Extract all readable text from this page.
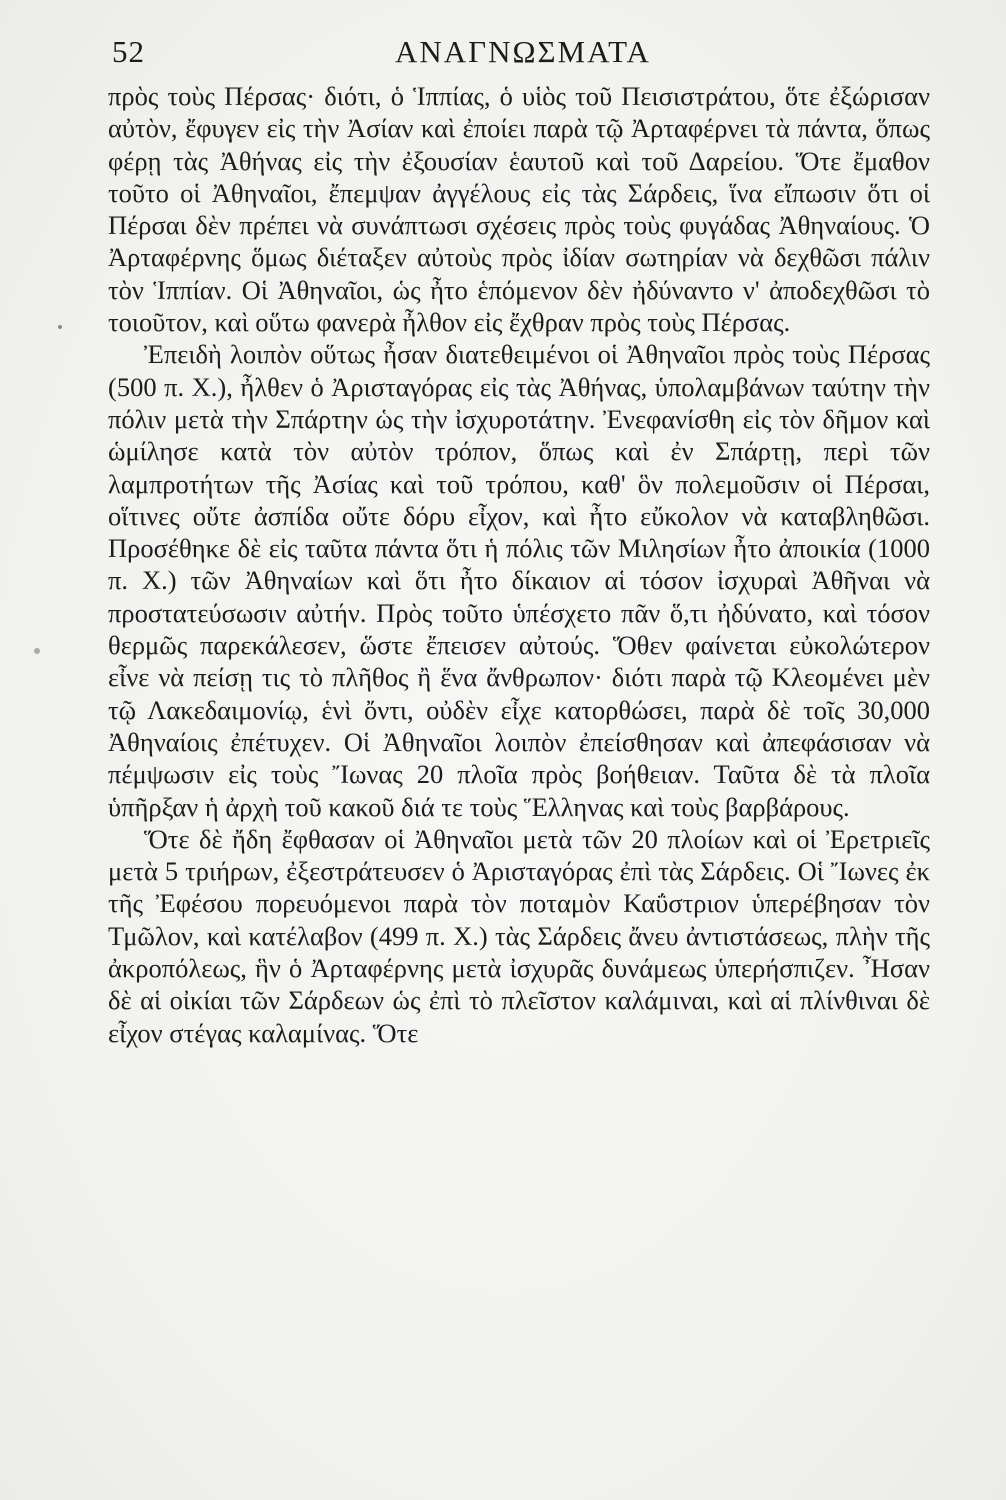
52	ΑΝΑΓΝΩΣΜΑΤΑ

πρὸς τοὺς Πέρσας· διότι, ὁ Ἱππίας, ὁ υἱὸς τοῦ Πεισιστράτου, ὅτε ἐξώρισαν αὐτὸν, ἔφυγεν εἰς τὴν Ἀσίαν καὶ ἐποίει παρὰ τῷ Ἀρταφέρνει τὰ πάντα, ὅπως φέρῃ τὰς Ἀθήνας εἰς τὴν ἐξουσίαν ἑαυτοῦ καὶ τοῦ Δαρείου. Ὅτε ἔμαθον τοῦτο οἱ Ἀθηναῖοι, ἔπεμψαν ἀγγέλους εἰς τὰς Σάρδεις, ἵνα εἴπωσιν ὅτι οἱ Πέρσαι δὲν πρέπει νὰ συνάπτωσι σχέσεις πρὸς τοὺς φυγάδας Ἀθηναίους. Ὁ Ἀρταφέρνης ὅμως διέταξεν αὐτοὺς πρὸς ἰδίαν σωτηρίαν νὰ δεχθῶσι πάλιν τὸν Ἱππίαν. Οἱ Ἀθηναῖοι, ὡς ἦτο ἑπόμενον δὲν ἠδύναντο ν' ἀποδεχθῶσι τὸ τοιοῦτον, καὶ οὕτω φανερὰ ἦλθον εἰς ἔχθραν πρὸς τοὺς Πέρσας.

Ἐπειδὴ λοιπὸν οὕτως ἦσαν διατεθειμένοι οἱ Ἀθηναῖοι πρὸς τοὺς Πέρσας (500 π. Χ.), ἦλθεν ὁ Ἀρισταγόρας εἰς τὰς Ἀθήνας, ὑπολαμβάνων ταύτην τὴν πόλιν μετὰ τὴν Σπάρτην ὡς τὴν ἰσχυροτάτην. Ἐνεφανίσθη εἰς τὸν δῆμον καὶ ὡμίλησε κατὰ τὸν αὐτὸν τρόπον, ὅπως καὶ ἐν Σπάρτῃ, περὶ τῶν λαμπροτήτων τῆς Ἀσίας καὶ τοῦ τρόπου, καθ' ὃν πολεμοῦσιν οἱ Πέρσαι, οἵτινες οὔτε ἀσπίδα οὔτε δόρυ εἶχον, καὶ ἦτο εὔκολον νὰ καταβληθῶσι. Προσέθηκε δὲ εἰς ταῦτα πάντα ὅτι ἡ πόλις τῶν Μιλησίων ἦτο ἀποικία (1000 π. Χ.) τῶν Ἀθηναίων καὶ ὅτι ἦτο δίκαιον αἱ τόσον ἰσχυραὶ Ἀθῆναι νὰ προστατεύσωσιν αὐτήν. Πρὸς τοῦτο ὑπέσχετο πᾶν ὅ,τι ἠδύνατο, καὶ τόσον θερμῶς παρεκάλεσεν, ὥστε ἔπεισεν αὐτούς. Ὅθεν φαίνεται εὐκολώτερον εἶνε νὰ πείσῃ τις τὸ πλῆθος ἢ ἕνα ἄνθρωπον· διότι παρὰ τῷ Κλεομένει μὲν τῷ Λακεδαιμονίῳ, ἑνὶ ὄντι, οὐδὲν εἶχε κατορθώσει, παρὰ δὲ τοῖς 30,000 Ἀθηναίοις ἐπέτυχεν. Οἱ Ἀθηναῖοι λοιπὸν ἐπείσθησαν καὶ ἀπεφάσισαν νὰ πέμψωσιν εἰς τοὺς Ἴωνας 20 πλοῖα πρὸς βοήθειαν. Ταῦτα δὲ τὰ πλοῖα ὑπῆρξαν ἡ ἀρχὴ τοῦ κακοῦ διά τε τοὺς Ἕλληνας καὶ τοὺς βαρβάρους.

Ὅτε δὲ ἤδη ἔφθασαν οἱ Ἀθηναῖοι μετὰ τῶν 20 πλοίων καὶ οἱ Ἐρετριεῖς μετὰ 5 τριήρων, ἐξεστράτευσεν ὁ Ἀρισταγόρας ἐπὶ τὰς Σάρδεις. Οἱ Ἴωνες ἐκ τῆς Ἐφέσου πορευόμενοι παρὰ τὸν ποταμὸν Καΰστριον ὑπερέβησαν τὸν Τμῶλον, καὶ κατέλαβον (499 π. Χ.) τὰς Σάρδεις ἄνευ ἀντιστάσεως, πλὴν τῆς ἀκροπόλεως, ἣν ὁ Ἀρταφέρνης μετὰ ἰσχυρᾶς δυνάμεως ὑπερήσπιζεν. Ἦσαν δὲ αἱ οἰκίαι τῶν Σάρδεων ὡς ἐπὶ τὸ πλεῖστον καλάμιναι, καὶ αἱ πλίνθιναι δὲ εἶχον στέγας καλαμίνας. Ὅτε
